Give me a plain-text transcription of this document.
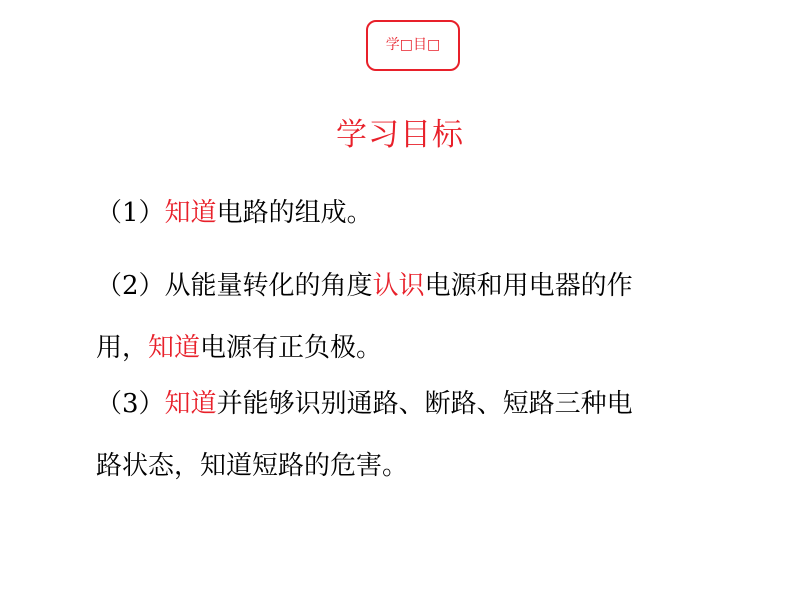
学□目□
学习目标
（1）知道电路的组成。
（2）从能量转化的角度认识电源和用电器的作
用，知道电源有正负极。
（3）知道并能够识别通路、断路、短路三种电
路状态，知道短路的危害。
